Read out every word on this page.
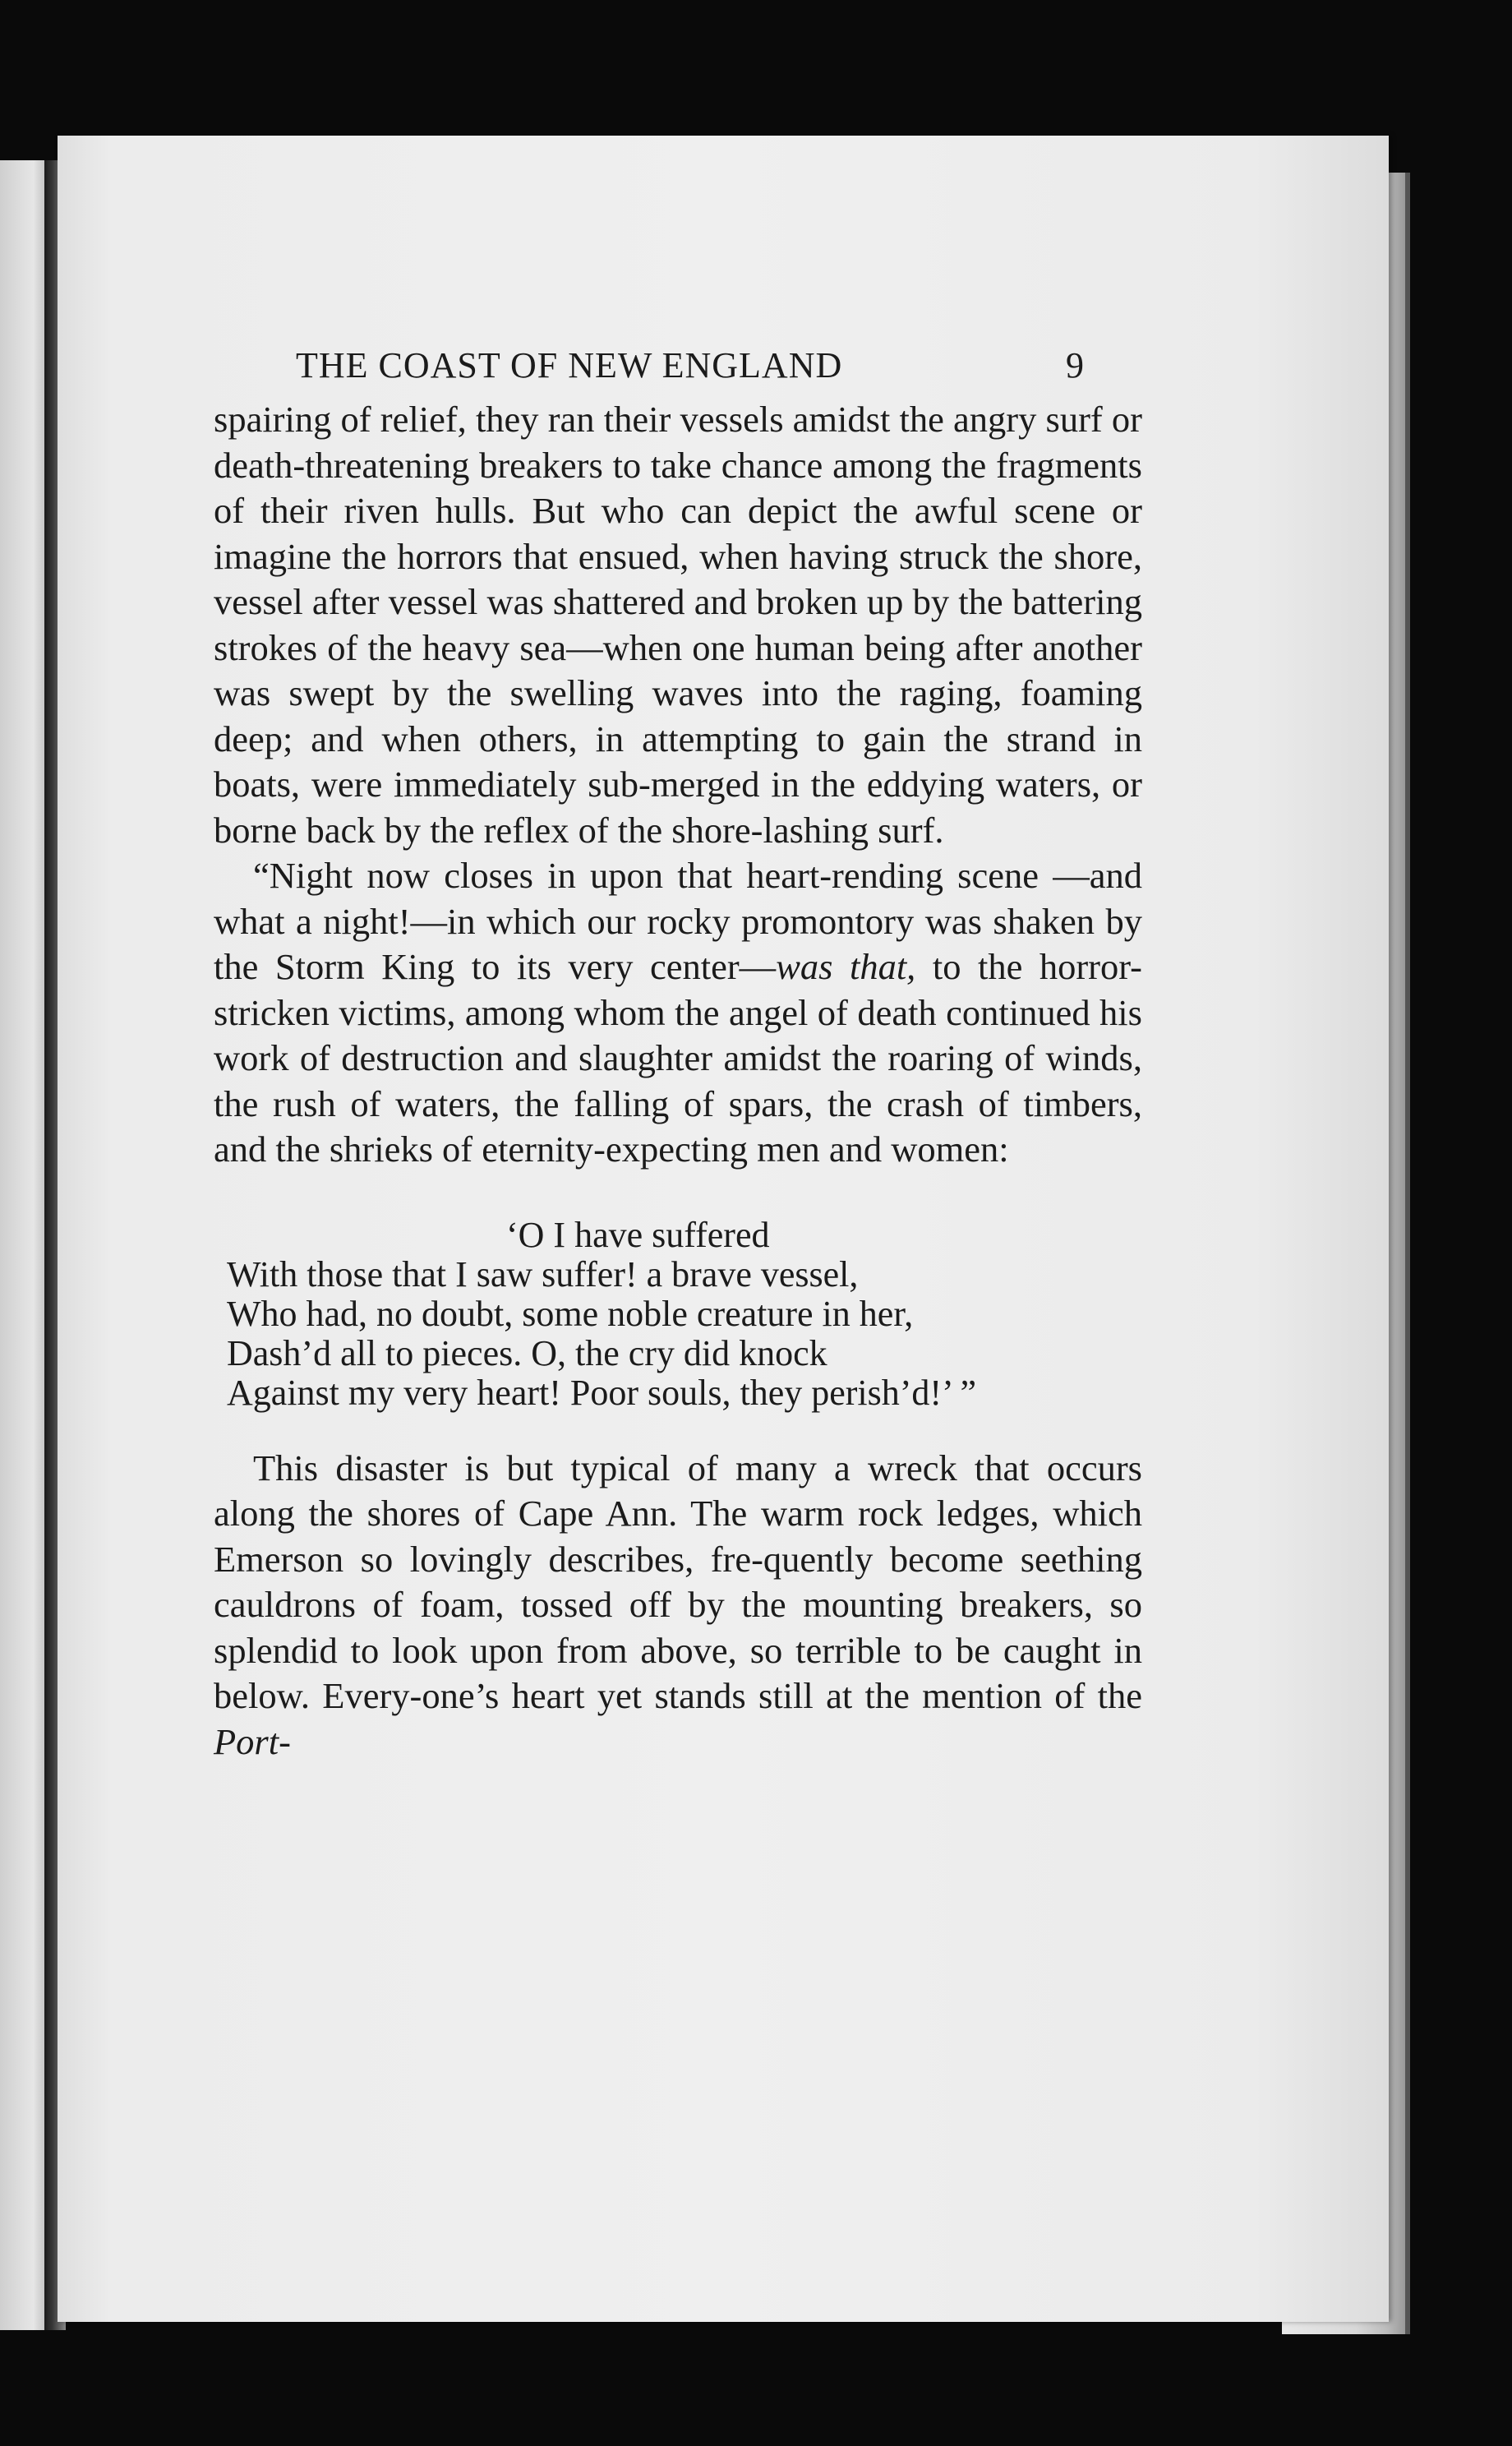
THE COAST OF NEW ENGLAND	9

spairing of relief, they ran their vessels amidst the angry surf or death-threatening breakers to take chance among the fragments of their riven hulls. But who can depict the awful scene or imagine the horrors that ensued, when having struck the shore, vessel after vessel was shattered and broken up by the battering strokes of the heavy sea—when one human being after another was swept by the swelling waves into the raging, foaming deep; and when others, in attempting to gain the strand in boats, were immediately sub-merged in the eddying waters, or borne back by the reflex of the shore-lashing surf.

“Night now closes in upon that heart-rending scene —and what a night!—in which our rocky promontory was shaken by the Storm King to its very center—was that, to the horror-stricken victims, among whom the angel of death continued his work of destruction and slaughter amidst the roaring of winds, the rush of waters, the falling of spars, the crash of timbers, and the shrieks of eternity-expecting men and women:

‘O I have suffered
With those that I saw suffer! a brave vessel,
Who had, no doubt, some noble creature in her,
Dash’d all to pieces. O, the cry did knock
Against my very heart! Poor souls, they perish’d!’ ”

This disaster is but typical of many a wreck that occurs along the shores of Cape Ann. The warm rock ledges, which Emerson so lovingly describes, fre-quently become seething cauldrons of foam, tossed off by the mounting breakers, so splendid to look upon from above, so terrible to be caught in below. Every-one’s heart yet stands still at the mention of the Port-
